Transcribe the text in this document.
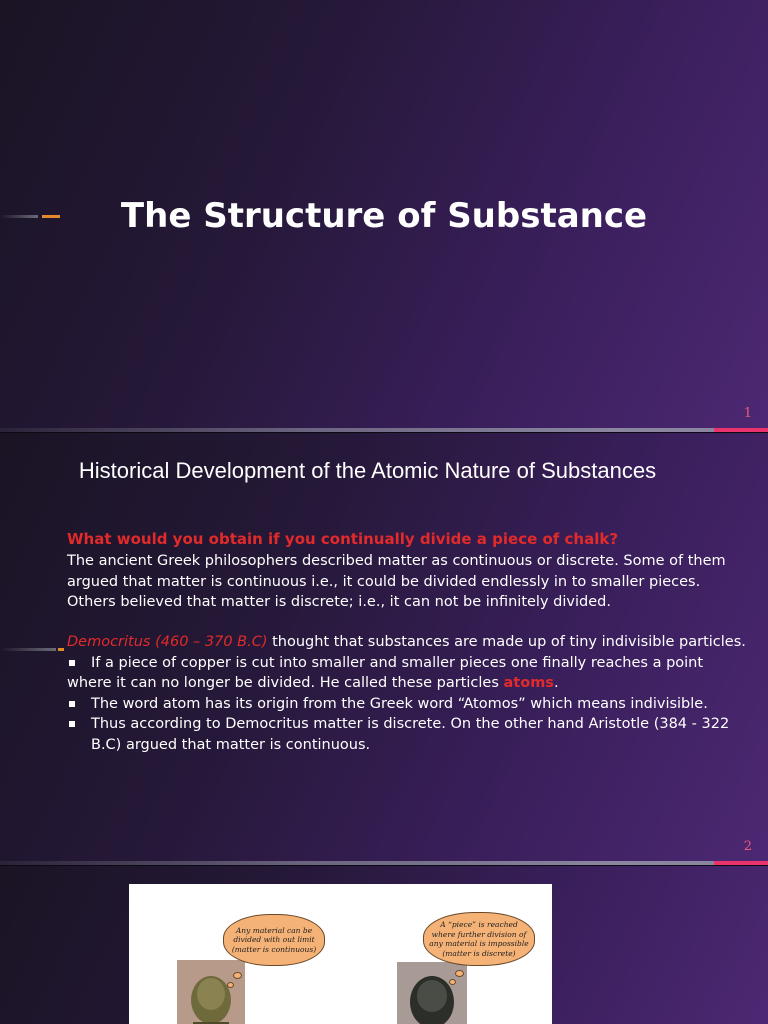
The Structure of Substance
1
Historical Development of the Atomic Nature of Substances
What would you obtain if you continually divide a piece of chalk?
The ancient Greek philosophers described matter as continuous or discrete. Some of them argued that matter is continuous i.e., it could be divided endlessly in to smaller pieces. Others believed that matter is discrete; i.e., it can not be infinitely divided.
Democritus (460 – 370 B.C) thought that substances are made up of tiny indivisible particles.
If a piece of copper is cut into smaller and smaller pieces one finally reaches a point where it can no longer be divided. He called these particles atoms.
The word atom has its origin from the Greek word “Atomos” which means indivisible.
Thus according to Democritus matter is discrete. On the other hand Aristotle (384 - 322 B.C) argued that matter is continuous.
2
Any material can be divided with out limit (matter is continuous)
A “piece” is reached where further division of any material is impossible (matter is discrete)
